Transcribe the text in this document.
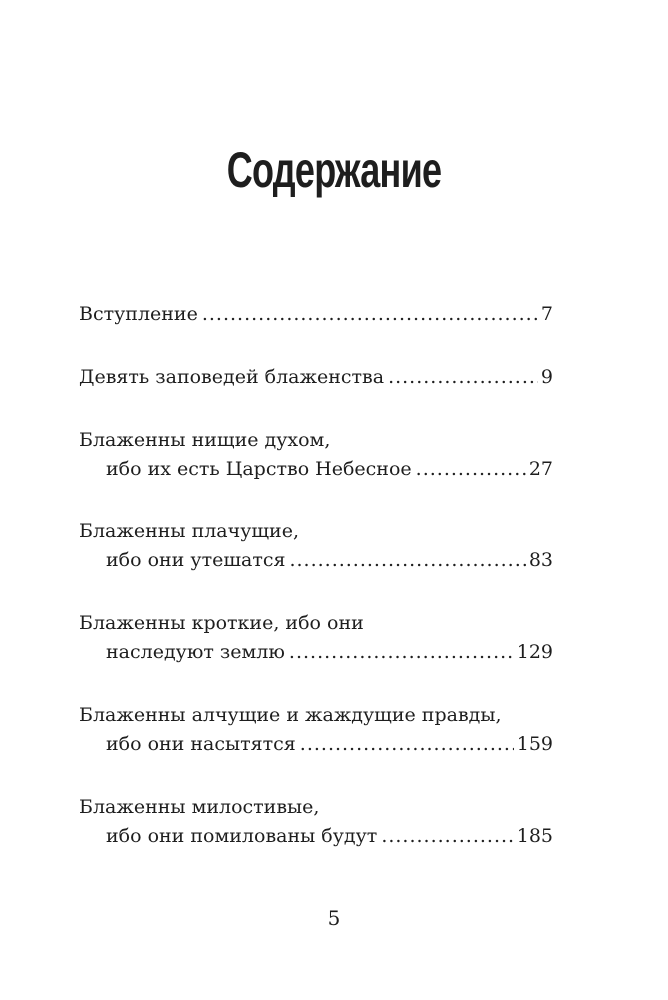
Содержание
Вступление .....	7
Девять заповедей блаженства .....	9
Блаженны нищие духом,
ибо их есть Царство Небесное .....	27
Блаженны плачущие,
ибо они утешатся .....	83
Блаженны кроткие, ибо они
наследуют землю .....	129
Блаженны алчущие и жаждущие правды,
ибо они насытятся .....	159
Блаженны милостивые,
ибо они помилованы будут .....	185
5
